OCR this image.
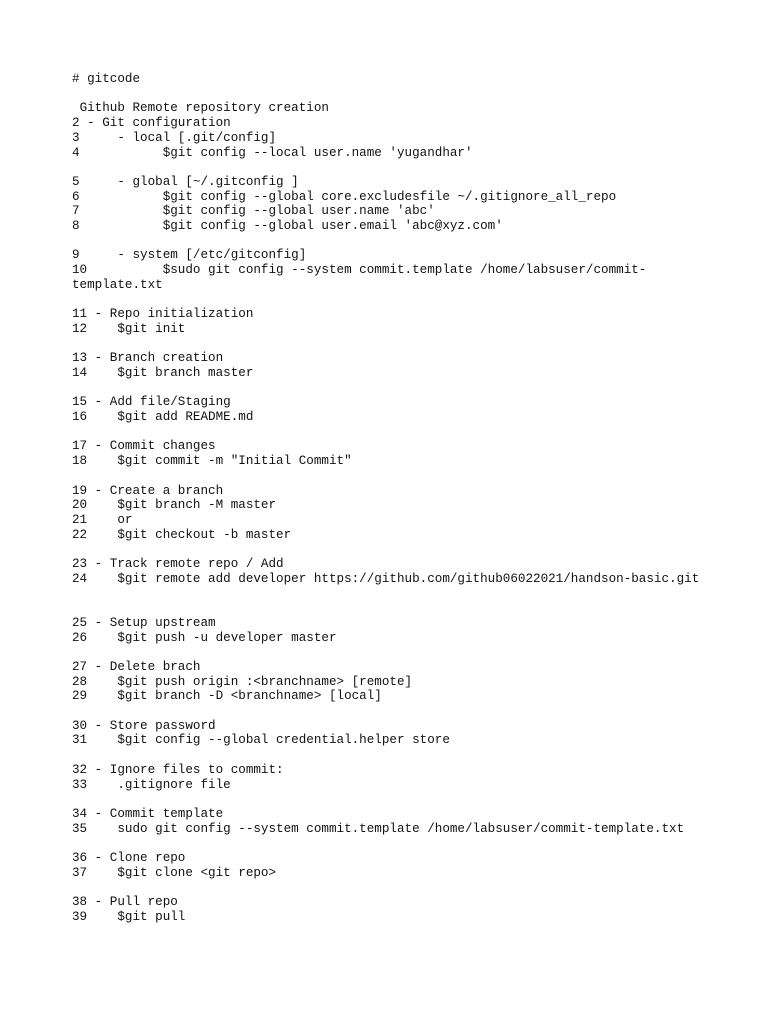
# gitcode
Github Remote repository creation
2 - Git configuration
3     - local [.git/config]
4           $git config --local user.name 'yugandhar'
5     - global [~/.gitconfig ]
6           $git config --global core.excludesfile ~/.gitignore_all_repo
7           $git config --global user.name 'abc'
8           $git config --global user.email 'abc@xyz.com'
9     - system [/etc/gitconfig]
10          $sudo git config --system commit.template /home/labsuser/commit-template.txt
11 - Repo initialization
12    $git init
13 - Branch creation
14    $git branch master
15 - Add file/Staging
16    $git add README.md
17 - Commit changes
18    $git commit -m "Initial Commit"
19 - Create a branch
20    $git branch -M master
21    or
22    $git checkout -b master
23 - Track remote repo / Add
24    $git remote add developer https://github.com/github06022021/handson-basic.git
25 - Setup upstream
26    $git push -u developer master
27 - Delete brach
28    $git push origin :<branchname> [remote]
29    $git branch -D <branchname> [local]
30 - Store password
31    $git config --global credential.helper store
32 - Ignore files to commit:
33    .gitignore file
34 - Commit template
35    sudo git config --system commit.template /home/labsuser/commit-template.txt
36 - Clone repo
37    $git clone <git repo>
38 - Pull repo
39    $git pull
